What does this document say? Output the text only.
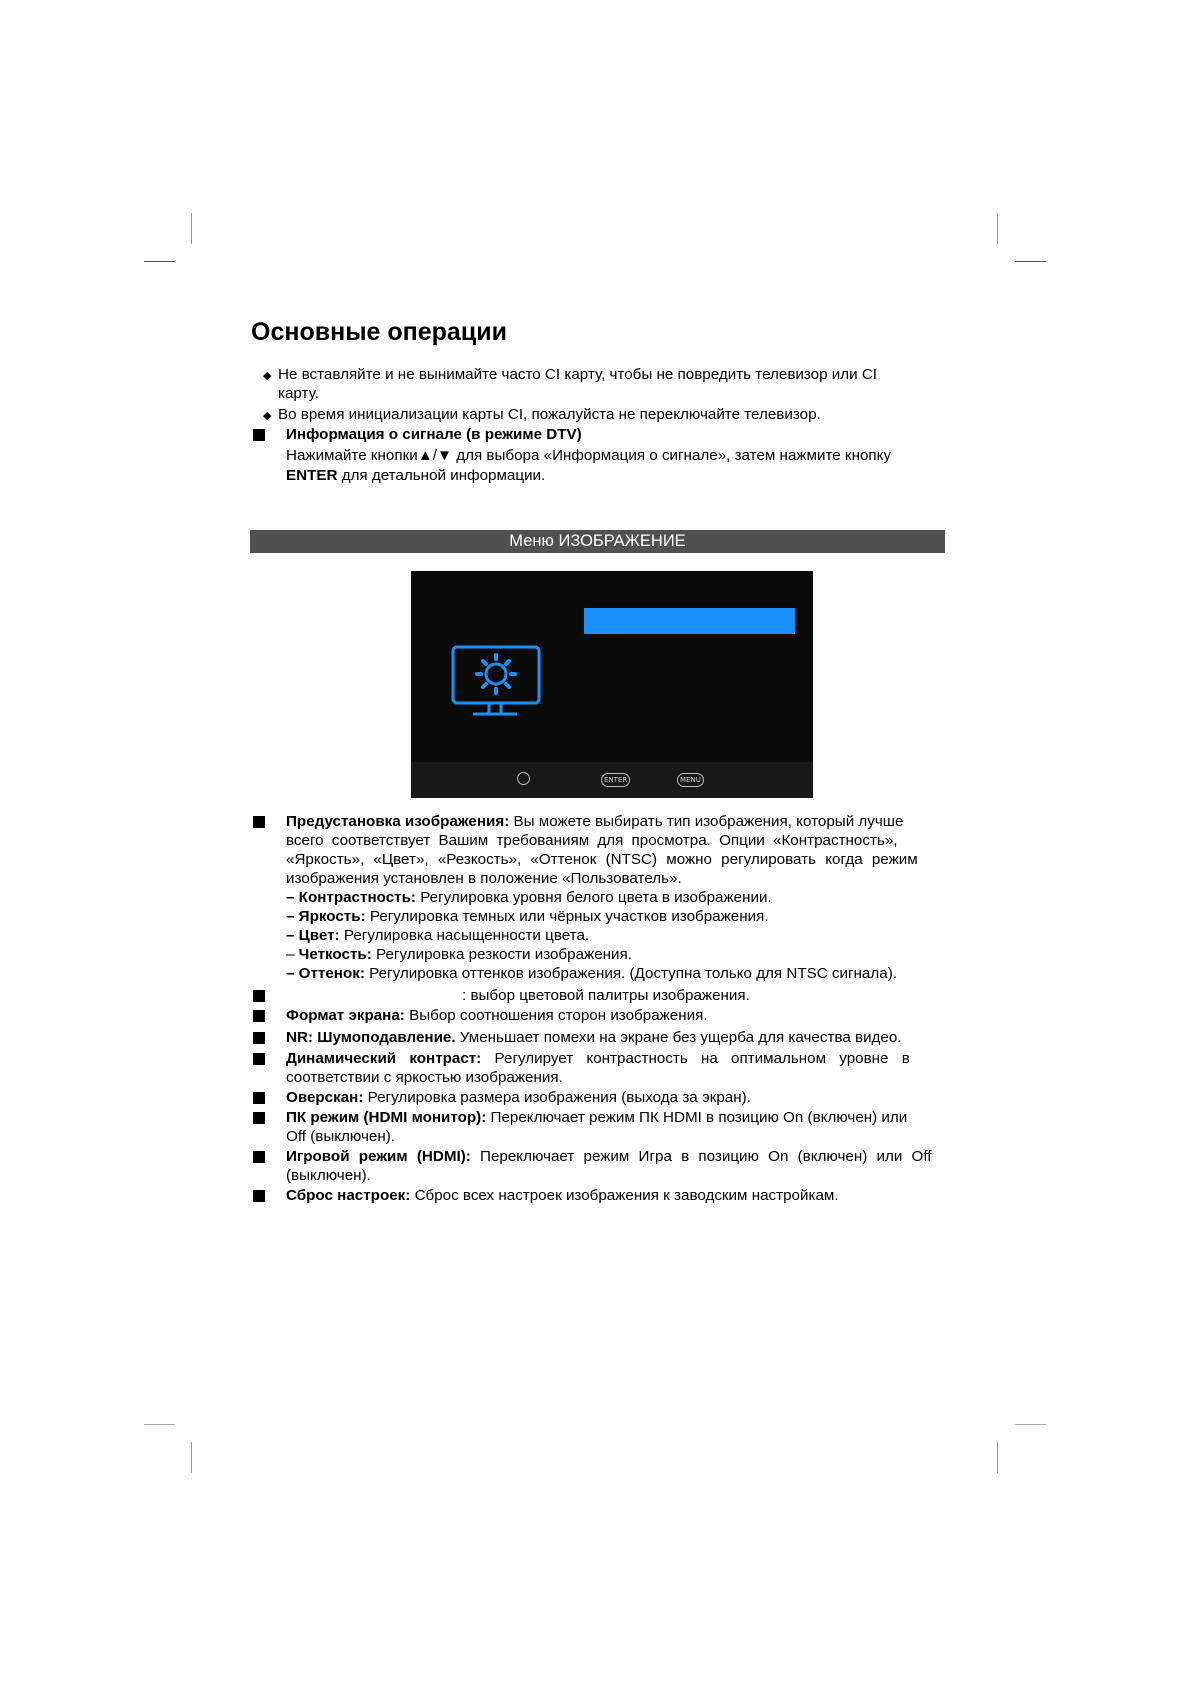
Основные операции
◆ Не вставляйте и не вынимайте часто CI карту, чтобы не повредить телевизор или CI
карту.
◆ Во время инициализации карты CI, пожалуйста не переключайте телевизор.
Информация о сигнале (в режиме DTV)
Нажимайте кнопки▲/▼ для выбора «Информация о сигнале», затем нажмите кнопку
ENTER для детальной информации.
Меню ИЗОБРАЖЕНИЕ
ENTER	MENU
Предустановка изображения: Вы можете выбирать тип изображения, который лучше
всего соответствует Вашим требованиям для просмотра. Опции «Контрастность»,
«Яркость», «Цвет», «Резкость», «Оттенок (NTSC) можно регулировать когда режим
изображения установлен в положение «Пользователь».
– Контрастность: Регулировка уровня белого цвета в изображении.
– Яркость: Регулировка темных или чёрных участков изображения.
– Цвет: Регулировка насыщенности цвета.
– Четкость: Регулировка резкости изображения.
– Оттенок: Регулировка оттенков изображения. (Доступна только для NTSC сигнала).
: выбор цветовой палитры изображения.
Формат экрана: Выбор соотношения сторон изображения.
NR: Шумоподавление. Уменьшает помехи на экране без ущерба для качества видео.
Динамический контраст: Регулирует контрастность на оптимальном уровне в
соответствии с яркостью изображения.
Оверскан: Регулировка размера изображения (выхода за экран).
ПК режим (HDMI монитор): Переключает режим ПК HDMI в позицию On (включен) или
Off (выключен).
Игровой режим (HDMI): Переключает режим Игра в позицию On (включен) или Off
(выключен).
Сброс настроек: Сброс всех настроек изображения к заводским настройкам.
